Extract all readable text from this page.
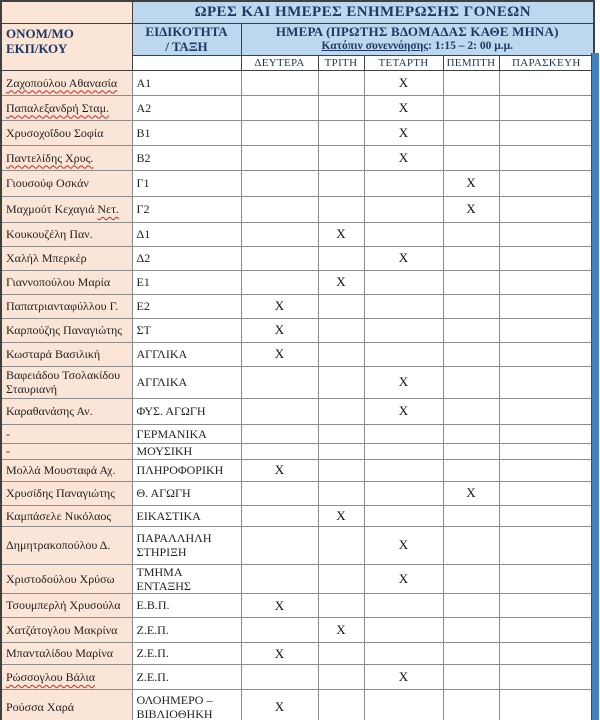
	ΩΡΕΣ ΚΑΙ ΗΜΕΡΕΣ ΕΝΗΜΕΡΩΣΗΣ ΓΟΝΕΩΝ					

ΟΝΟΜ/ΜΟ
ΕΚΠ/ΚΟΥ

ΕΙΔΙΚΟΤΗΤΑ
/ ΤΑΞΗ

ΗΜΕΡΑ (ΠΡΩΤΗΣ ΒΔΟΜΑΔΑΣ ΚΑΘΕ ΜΗΝΑ)
Κατόπιν συνεννόησης: 1:15 – 2: 00 μ.μ.

		ΔΕΥΤΕΡΑ	ΤΡΙΤΗ	ΤΕΤΑΡΤΗ	ΠΕΜΠΤΗ	ΠΑΡΑΣΚΕΥΗ
Ζαχοπούλου Αθανασία	Α1			Χ		
Παπαλεξανδρή Σταμ.	Α2			Χ		
Χρυσοχοΐδου Σοφία	Β1			Χ		
Παντελίδης Χρυς.	Β2			Χ		
Γιουσούφ Οσκάν	Γ1				Χ	
Μαχμούτ Κεχαγιά Νετ.	Γ2				Χ	
Κουκουζέλη Παν.	Δ1		Χ			
Χαλήλ Μπερκέρ	Δ2			Χ		
Γιαννοπούλου Μαρία	Ε1		Χ			
Παπατριανταφύλλου Γ.	Ε2	Χ				
Καρπούζης Παναγιώτης	ΣΤ	Χ				
Κωσταρά Βασιλική	ΑΓΓΛΙΚΑ	Χ				
Βαφειάδου Τσολακίδου Σταυριανή	ΑΓΓΛΙΚΑ			Χ		
Καραθανάσης Αν.	ΦΥΣ. ΑΓΩΓΗ			Χ		
-	ΓΕΡΜΑΝΙΚΑ					
-	ΜΟΥΣΙΚΗ					
Μολλά Μουσταφά Αχ.	ΠΛΗΡΟΦΟΡΙΚΗ	Χ				
Χρυσίδης Παναγιώτης	Θ. ΑΓΩΓΗ				Χ	
Καμπάσελε Νικόλαος	ΕΙΚΑΣΤΙΚΑ		Χ			
Δημητρακοπούλου Δ.	ΠΑΡΑΛΛΗΛΗ ΣΤΗΡΙΞΗ			Χ		
Χριστοδούλου Χρύσω	ΤΜΗΜΑ ΕΝΤΑΞΗΣ			Χ		
Τσουμπερλή Χρυσούλα	Ε.Β.Π.	Χ				
Χατζάτογλου Μακρίνα	Ζ.Ε.Π.		Χ			
Μπανταλίδου Μαρίνα	Ζ.Ε.Π.	Χ				
Ρώσσογλου Βάλια	Ζ.Ε.Π.			Χ		
Ρούσσα Χαρά	ΟΛΟΗΜΕΡΟ – ΒΙΒΛΙΟΘΗΚΗ	Χ				
